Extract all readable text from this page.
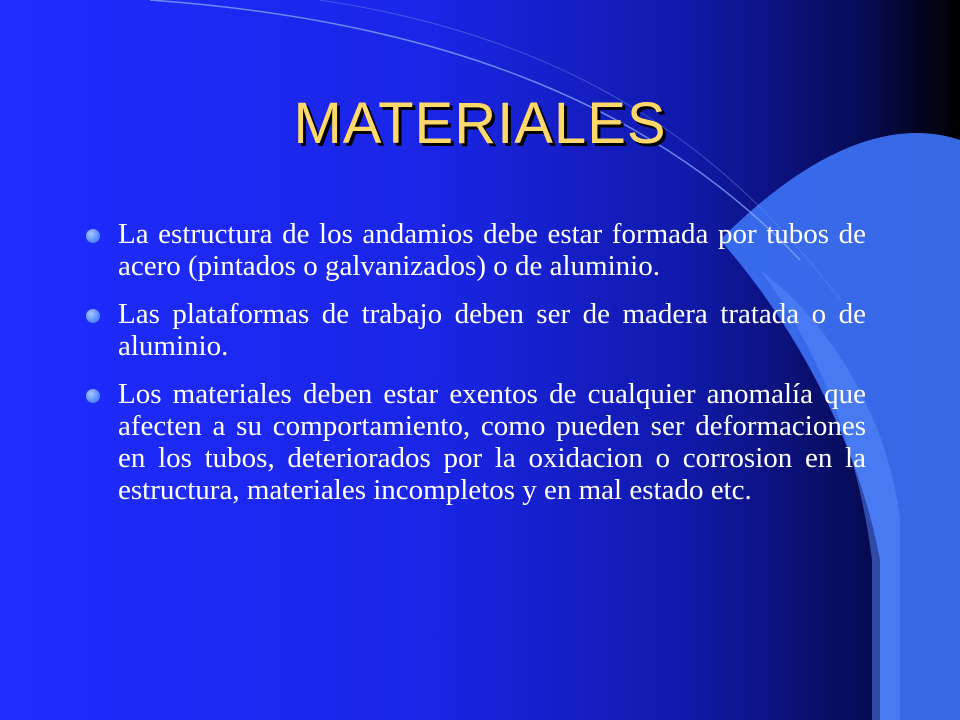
MATERIALES
La estructura de los andamios debe estar formada por tubos de acero (pintados o galvanizados) o de aluminio.
Las plataformas de trabajo deben ser de madera tratada o de aluminio.
Los materiales deben estar exentos de cualquier anomalía que afecten a su comportamiento, como pueden ser deformaciones en los tubos, deteriorados por la oxidacion o corrosion en la estructura, materiales incompletos y en mal estado etc.
